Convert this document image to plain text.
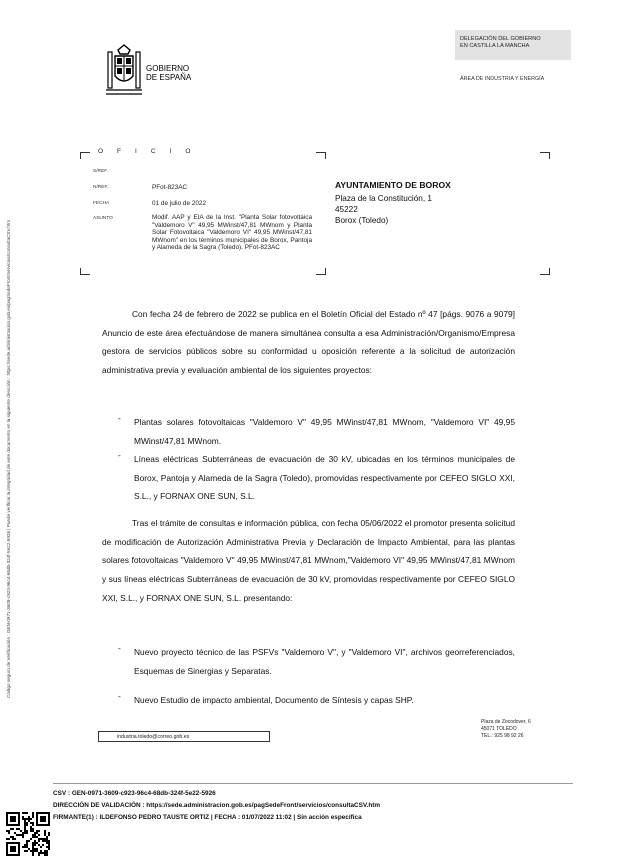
Código seguro de Verificación : GEN-0971-3609-c923-96c4-68db-324f-5e22-5926 | Puede verificar la integridad de este documento en la siguiente dirección : https://sede.administracion.gob.es/pagSedeFront/servicios/consultaCSV.htm
GOBIERNO
DE ESPAÑA
DELEGACIÓN DEL GOBIERNO
EN CASTILLA LA MANCHA
ÁREA DE INDUSTRIA Y ENERGÍA
OFICIO
S/REF.
N/REF.	PFot-823AC
FECHA	01 de julio de 2022
ASUNTO	Modif. AAP y EIA de la Inst. "Planta Solar fotovoltaica "Valdemoro V" 49,95 MWinst/47,81 MWnom y Planta Solar Fotovoltaica "Valdemoro VI" 49,95 MWinst/47,81 MWnom" en los términos municipales de Borox, Pantoja y Alameda de la Sagra (Toledo). PFot-823AC
AYUNTAMIENTO DE BOROX
Plaza de la Constitución, 1
45222
Borox (Toledo)
Con fecha 24 de febrero de 2022 se publica en el Boletín Oficial del Estado nº 47 [págs. 9076 a 9079] Anuncio de este área efectuándose de manera simultánea consulta a esa Administración/Organismo/Empresa gestora de servicios públicos sobre su conformidad u oposición referente a la solicitud de autorización administrativa previa y evaluación ambiental de los siguientes proyectos:
- Plantas solares fotovoltaicas "Valdemoro V" 49,95 MWinst/47,81 MWnom, "Valdemoro VI" 49,95 MWinst/47,81 MWnom.
- Líneas eléctricas Subterráneas de evacuación de 30 kV, ubicadas en los términos municipales de Borox, Pantoja y Alameda de la Sagra (Toledo), promovidas respectivamente por CEFEO SIGLO XXI, S.L., y FORNAX ONE SUN, S.L.
Tras el trámite de consultas e información pública, con fecha 05/06/2022 el promotor presenta solicitud de modificación de Autorización Administrativa Previa y Declaración de Impacto Ambiental, para las plantas solares fotovoltaicas "Valdemoro V" 49,95 MWinst/47,81 MWnom,"Valdemoro VI" 49,95 MWinst/47,81 MWnom y sus líneas eléctricas Subterráneas de evacuación de 30 kV, promovidas respectivamente por CEFEO SIGLO XXI, S.L., y FORNAX ONE SUN, S.L. presentando:
- Nuevo proyecto técnico de las PSFVs "Valdemoro V", y "Valdemoro VI", archivos georreferenciados, Esquemas de Sinergias y Separatas.
- Nuevo Estudio de impacto ambiental, Documento de Síntesis y capas SHP.
industria.toledo@correo.gob.es
Plaza de Zocodover, 6
45071 TOLEDO
TEL.: 925 98 92 26
CSV : GEN-0971-3609-c923-96c4-68db-324f-5e22-5926
DIRECCIÓN DE VALIDACIÓN : https://sede.administracion.gob.es/pagSedeFront/servicios/consultaCSV.htm
FIRMANTE(1) : ILDEFONSO PEDRO TAUSTE ORTIZ | FECHA : 01/07/2022 11:02 | Sin acción específica
